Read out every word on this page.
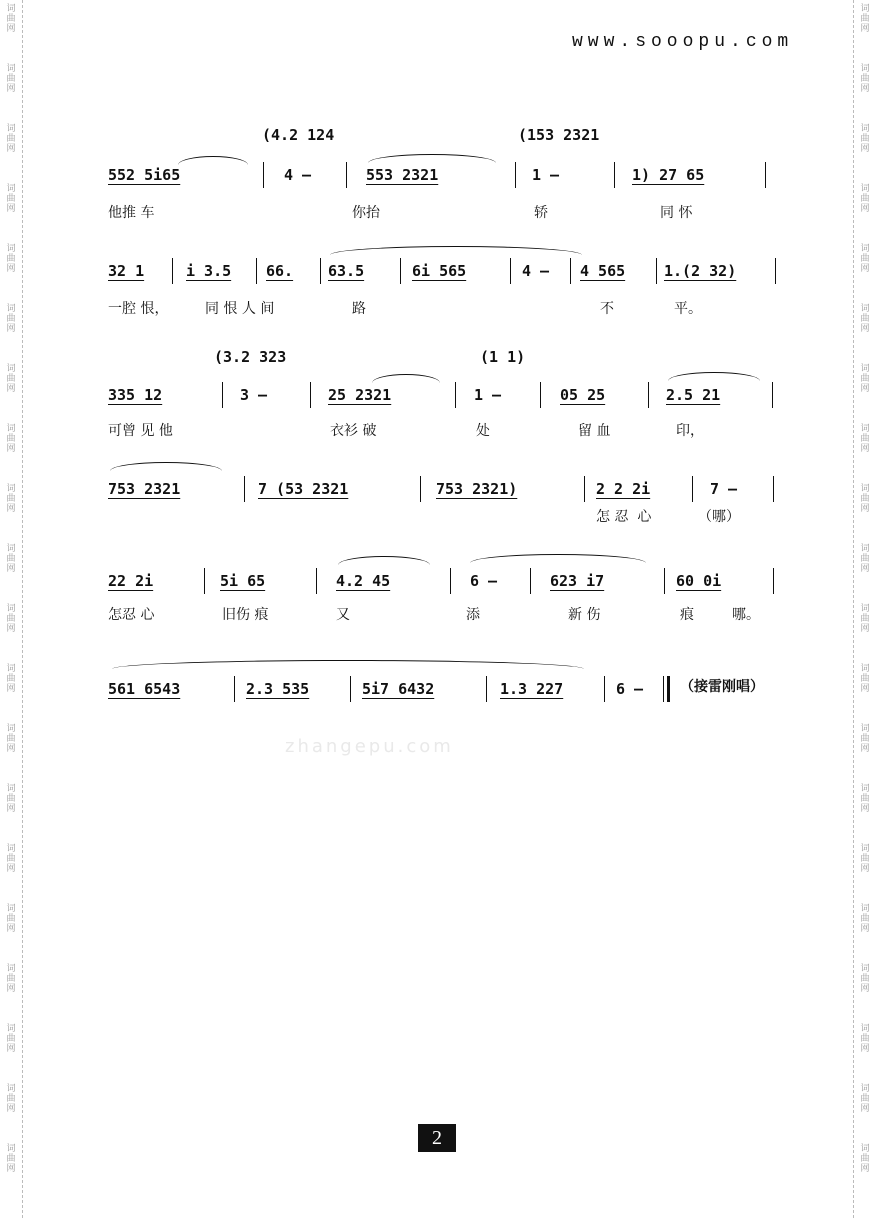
词曲网
词曲网
词曲网
词曲网
词曲网
词曲网
词曲网
词曲网
词曲网
词曲网
词曲网
词曲网
词曲网
词曲网
词曲网
词曲网
词曲网
词曲网
词曲网
词曲网
词曲网
词曲网
词曲网
词曲网
词曲网
词曲网
词曲网
词曲网
词曲网
词曲网
词曲网
词曲网
词曲网
词曲网
词曲网
词曲网
词曲网
词曲网
词曲网
词曲网
www.sooopu.com
zhangepu.com
(4.2 124	(153 2321
552 5i65	4 —	553 2321	1 —	1) 27 65
他推 车	你抬	轿	同 怀
32 1	i 3.5 66. 63.5	6i 565	4 — 4 565	1.(2 32)
一腔 恨，	同 恨 人 间	路	不	平。
(3.2 323	(1 1)
335 12	3 —	25 2321	1 —	05 25	2.5 21
可曾 见 他	衣衫 破	处	留 血	印，
753 2321	7 (53 2321	753 2321)	2 2 2i	7 —
怎 忍  心	（哪）
22 2i	5i 65	4.2 45	6 —	623 i7	60 0i
怎忍 心	旧伤 痕	又	添	新 伤	痕	哪。
561 6543	2.3 535	5i7 6432	1.3 227	6 —	（接雷刚唱）
2
